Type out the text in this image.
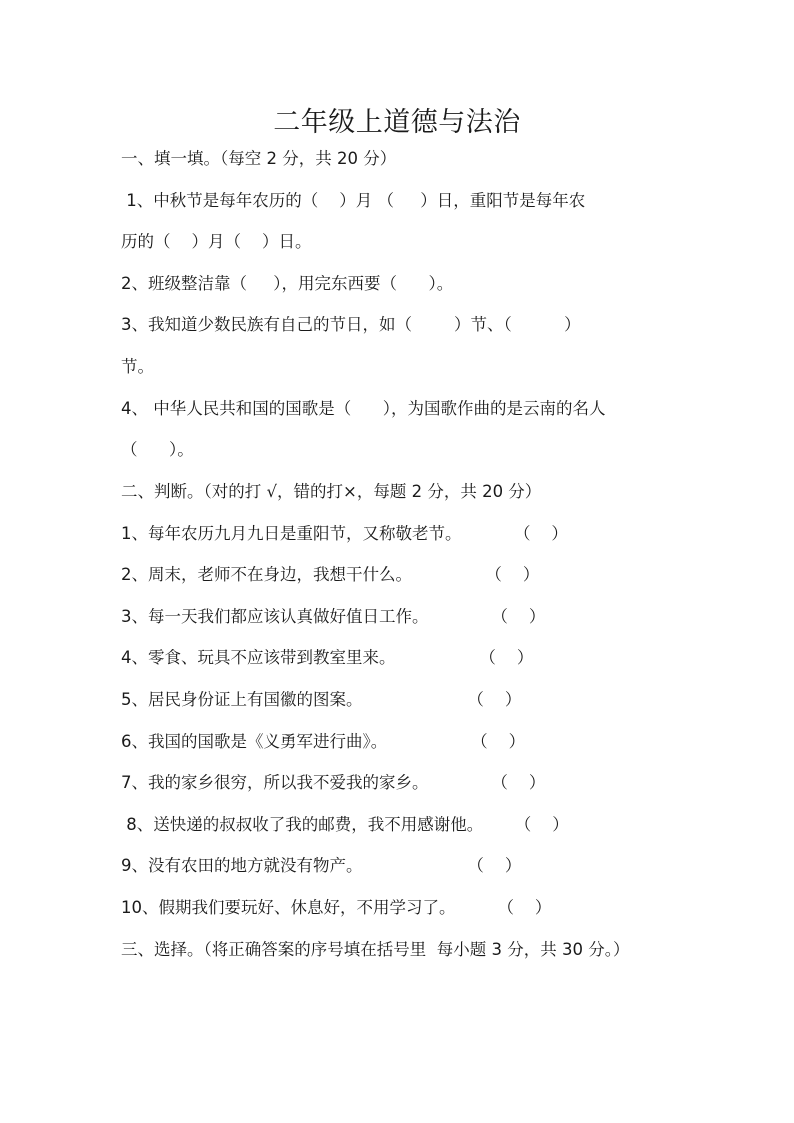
二年级上道德与法治
一、填一填。（每空 2 分，共 20 分）
1、中秋节是每年农历的（    ）月 （     ）日，重阳节是每年农
历的（    ）月（    ）日。
2、班级整洁靠（     ），用完东西要（      ）。
3、我知道少数民族有自己的节日，如（        ）节、（          ）
节。
4、 中华人民共和国的国歌是（      ），为国歌作曲的是云南的名人
（      ）。
二、判断。（对的打 √，错的打×，每题 2 分，共 20 分）
1、每年农历九月九日是重阳节，又称敬老节。          （    ）
2、周末，老师不在身边，我想干什么。              （    ）
3、每一天我们都应该认真做好值日工作。            （    ）
4、零食、玩具不应该带到教室里来。                （    ）
5、居民身份证上有国徽的图案。                    （    ）
6、我国的国歌是《义勇军进行曲》。                （    ）
7、我的家乡很穷，所以我不爱我的家乡。            （    ）
8、送快递的叔叔收了我的邮费，我不用感谢他。      （    ）
9、没有农田的地方就没有物产。                    （    ）
10、假期我们要玩好、休息好，不用学习了。        （    ）
三、选择。（将正确答案的序号填在括号里  每小题 3 分，共 30 分。）
